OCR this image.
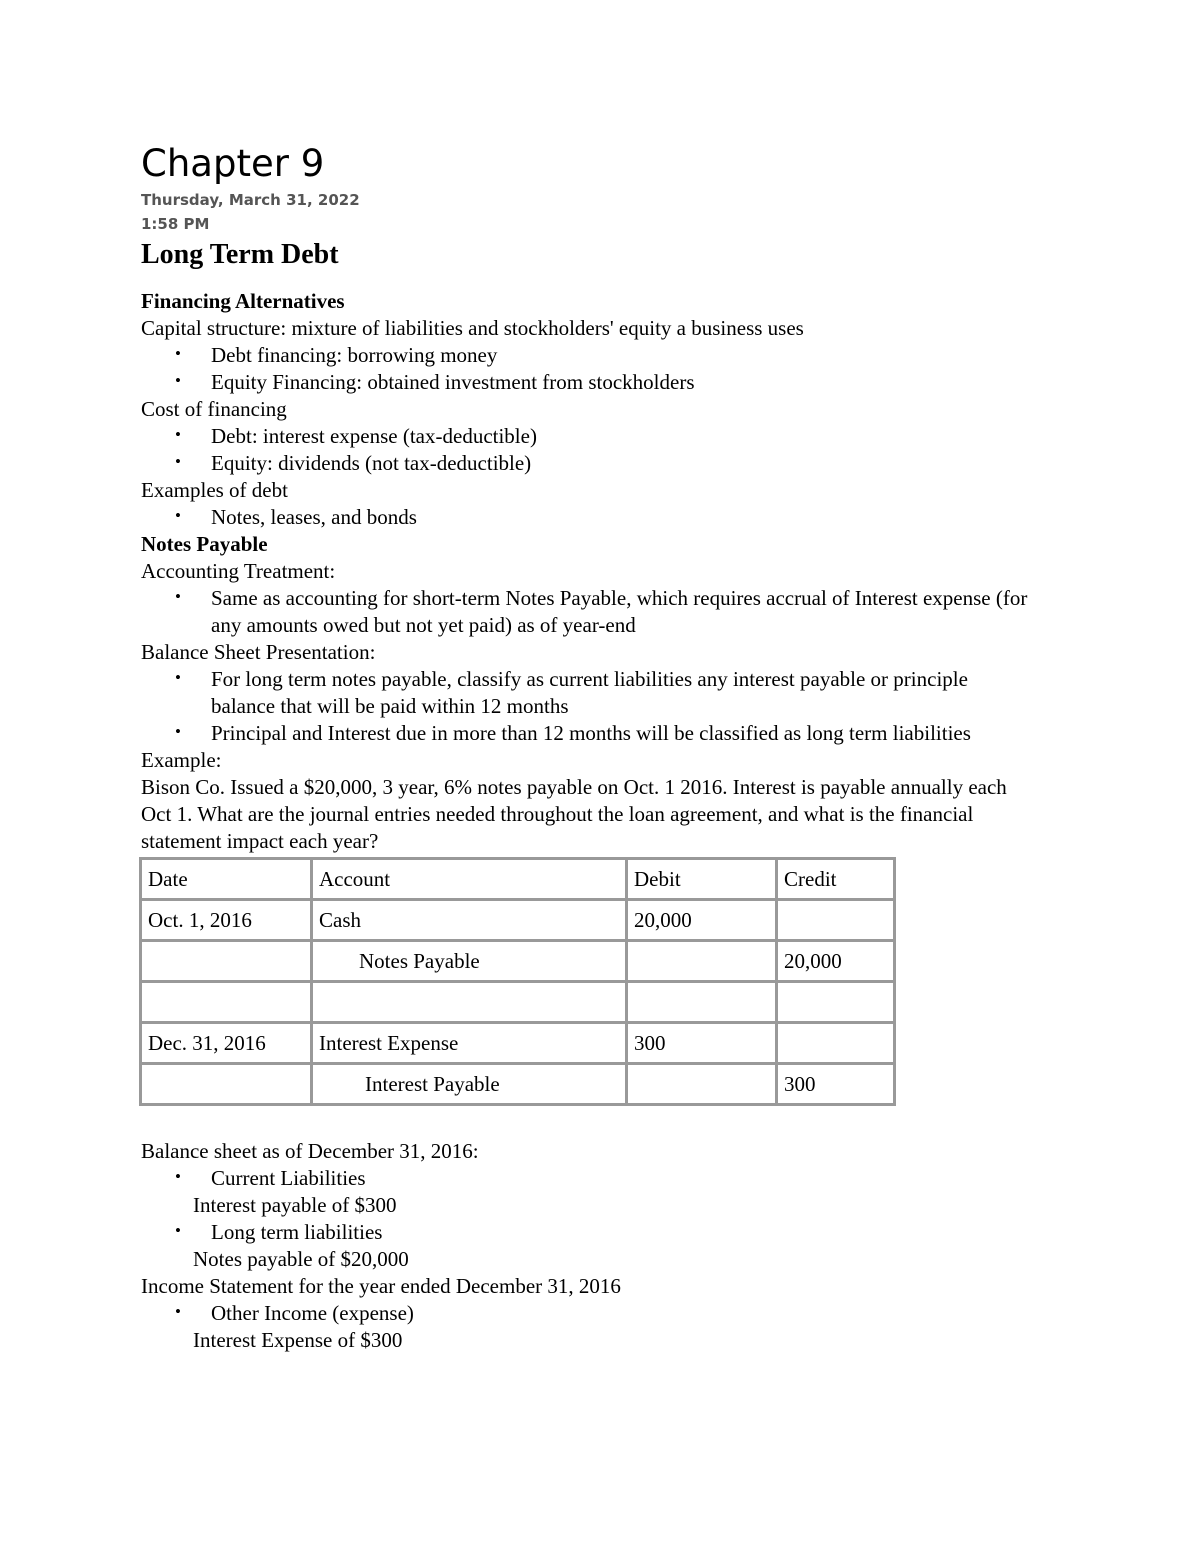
Chapter 9
Thursday, March 31, 2022
1:58 PM
Long Term Debt
Financing Alternatives
Capital structure: mixture of liabilities and stockholders' equity a business uses
• Debt financing: borrowing money
• Equity Financing: obtained investment from stockholders
Cost of financing
• Debt: interest expense (tax-deductible)
• Equity: dividends (not tax-deductible)
Examples of debt
• Notes, leases, and bonds
Notes Payable
Accounting Treatment:
• Same as accounting for short-term Notes Payable, which requires accrual of Interest expense (for any amounts owed but not yet paid) as of year-end
Balance Sheet Presentation:
• For long term notes payable, classify as current liabilities any interest payable or principle balance that will be paid within 12 months
• Principal and Interest due in more than 12 months will be classified as long term liabilities
Example:
Bison Co. Issued a $20,000, 3 year, 6% notes payable on Oct. 1 2016. Interest is payable annually each Oct 1. What are the journal entries needed throughout the loan agreement, and what is the financial statement impact each year?
Date	Account	Debit	Credit
Oct. 1, 2016	Cash	20,000	
	Notes Payable		20,000

Dec. 31, 2016	Interest Expense	300	
	Interest Payable		300
Balance sheet as of December 31, 2016:
• Current Liabilities
Interest payable of $300
• Long term liabilities
Notes payable of $20,000
Income Statement for the year ended December 31, 2016
• Other Income (expense)
Interest Expense of $300
